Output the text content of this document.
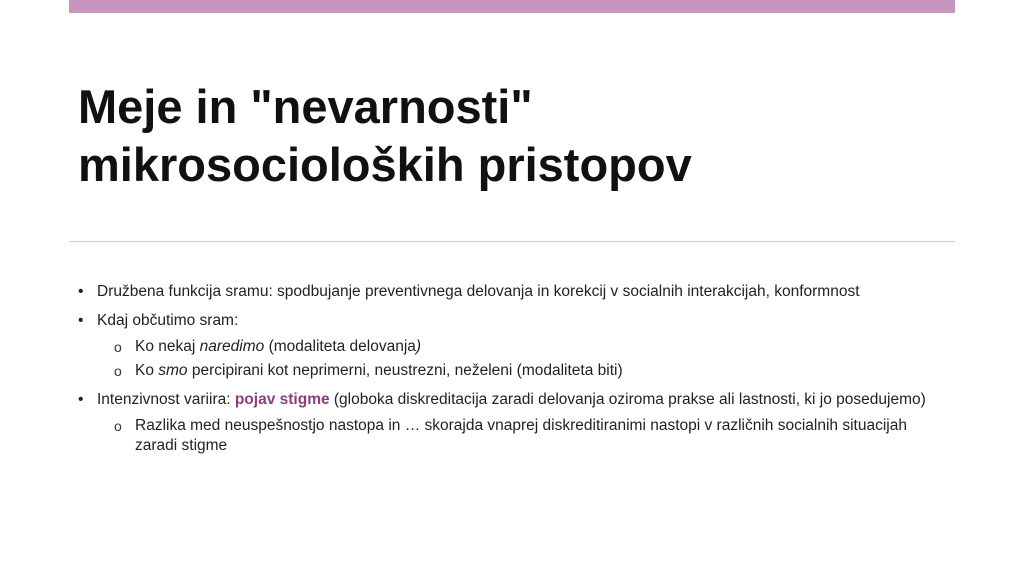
Meje in "nevarnosti"
mikrosocioloških pristopov
• Družbena funkcija sramu: spodbujanje preventivnega delovanja in korekcij v socialnih interakcijah, konformnost
• Kdaj občutimo sram:
o Ko nekaj naredimo (modaliteta delovanja)
o Ko smo percipirani kot neprimerni, neustrezni, neželeni (modaliteta biti)
• Intenzivnost variira: pojav stigme (globoka diskreditacija zaradi delovanja oziroma prakse ali lastnosti, ki jo posedujemo)
o Razlika med neuspešnostjo nastopa in … skorajda vnaprej diskreditiranimi nastopi v različnih socialnih situacijah zaradi stigme
